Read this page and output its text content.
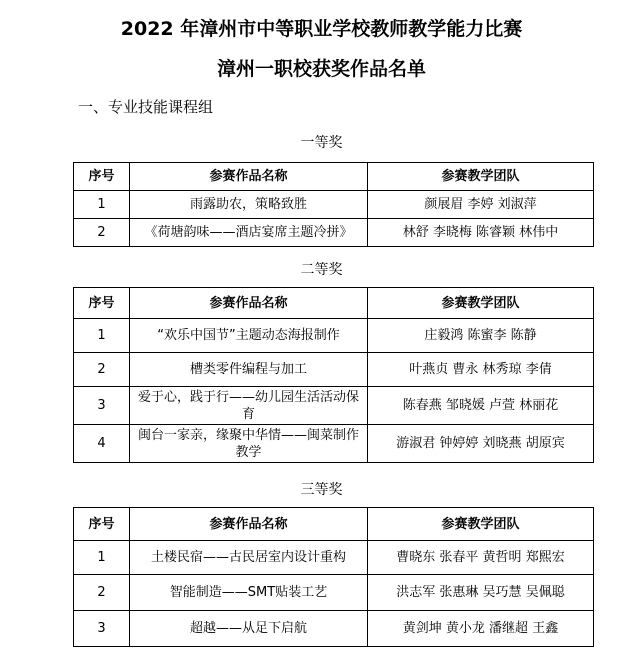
2022 年漳州市中等职业学校教师教学能力比赛
漳州一职校获奖作品名单
一、专业技能课程组
一等奖
序号	参赛作品名称	参赛教学团队
1	雨露助农，策略致胜	颜展眉 李婷 刘淑萍
2	《荷塘韵味——酒店宴席主题冷拼》	林舒 李晓梅 陈睿颖 林伟中
二等奖
序号	参赛作品名称	参赛教学团队
1	“欢乐中国节”主题动态海报制作	庄毅鸿 陈蜜李 陈静
2	槽类零件编程与加工	叶燕贞 曹永 林秀琼 李倩
3	爱于心，践于行——幼儿园生活活动保育	陈春燕 邹晓媛 卢萱 林丽花
4	闽台一家亲，缘聚中华情——闽菜制作教学	游淑君 钟婷婷 刘晓燕 胡原宾
三等奖
序号	参赛作品名称	参赛教学团队
1	土楼民宿——古民居室内设计重构	曹晓东 张春平 黄哲明 郑熙宏
2	智能制造——SMT贴装工艺	洪志军 张惠琳 吴巧慧 吴佩聪
3	超越——从足下启航	黄剑坤 黄小龙 潘继超 王鑫
